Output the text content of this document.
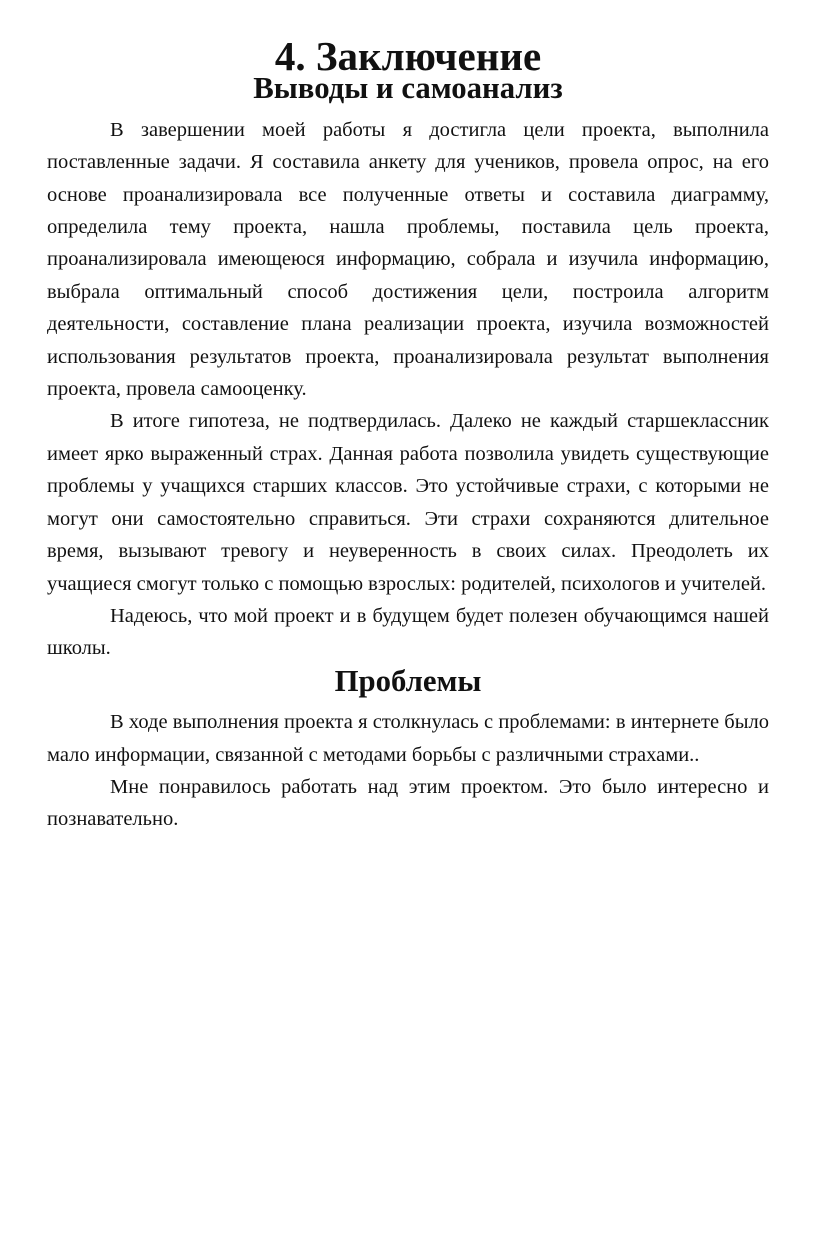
4. Заключение
Выводы и самоанализ

В завершении моей работы я достигла цели проекта, выполнила поставленные задачи. Я составила анкету для учеников, провела опрос, на его основе проанализировала все полученные ответы и составила диаграмму, определила тему проекта, нашла проблемы, поставила цель проекта, проанализировала имеющеюся информацию, собрала и изучила информацию, выбрала оптимальный способ достижения цели, построила алгоритм деятельности, составление плана реализации проекта, изучила возможностей использования результатов проекта, проанализировала результат выполнения проекта, провела самооценку.

В итоге гипотеза, не подтвердилась. Далеко не каждый старшеклассник имеет ярко выраженный страх. Данная работа позволила увидеть существующие проблемы у учащихся старших классов. Это устойчивые страхи, с которыми не могут они самостоятельно справиться. Эти страхи сохраняются длительное время, вызывают тревогу и неуверенность в своих силах. Преодолеть их учащиеся смогут только с помощью взрослых: родителей, психологов и учителей.

Надеюсь, что мой проект и в будущем будет полезен обучающимся нашей школы.

Проблемы

В ходе выполнения проекта я столкнулась с проблемами: в интернете было мало информации, связанной с методами борьбы с различными страхами..

Мне понравилось работать над этим проектом. Это было интересно и познавательно.
